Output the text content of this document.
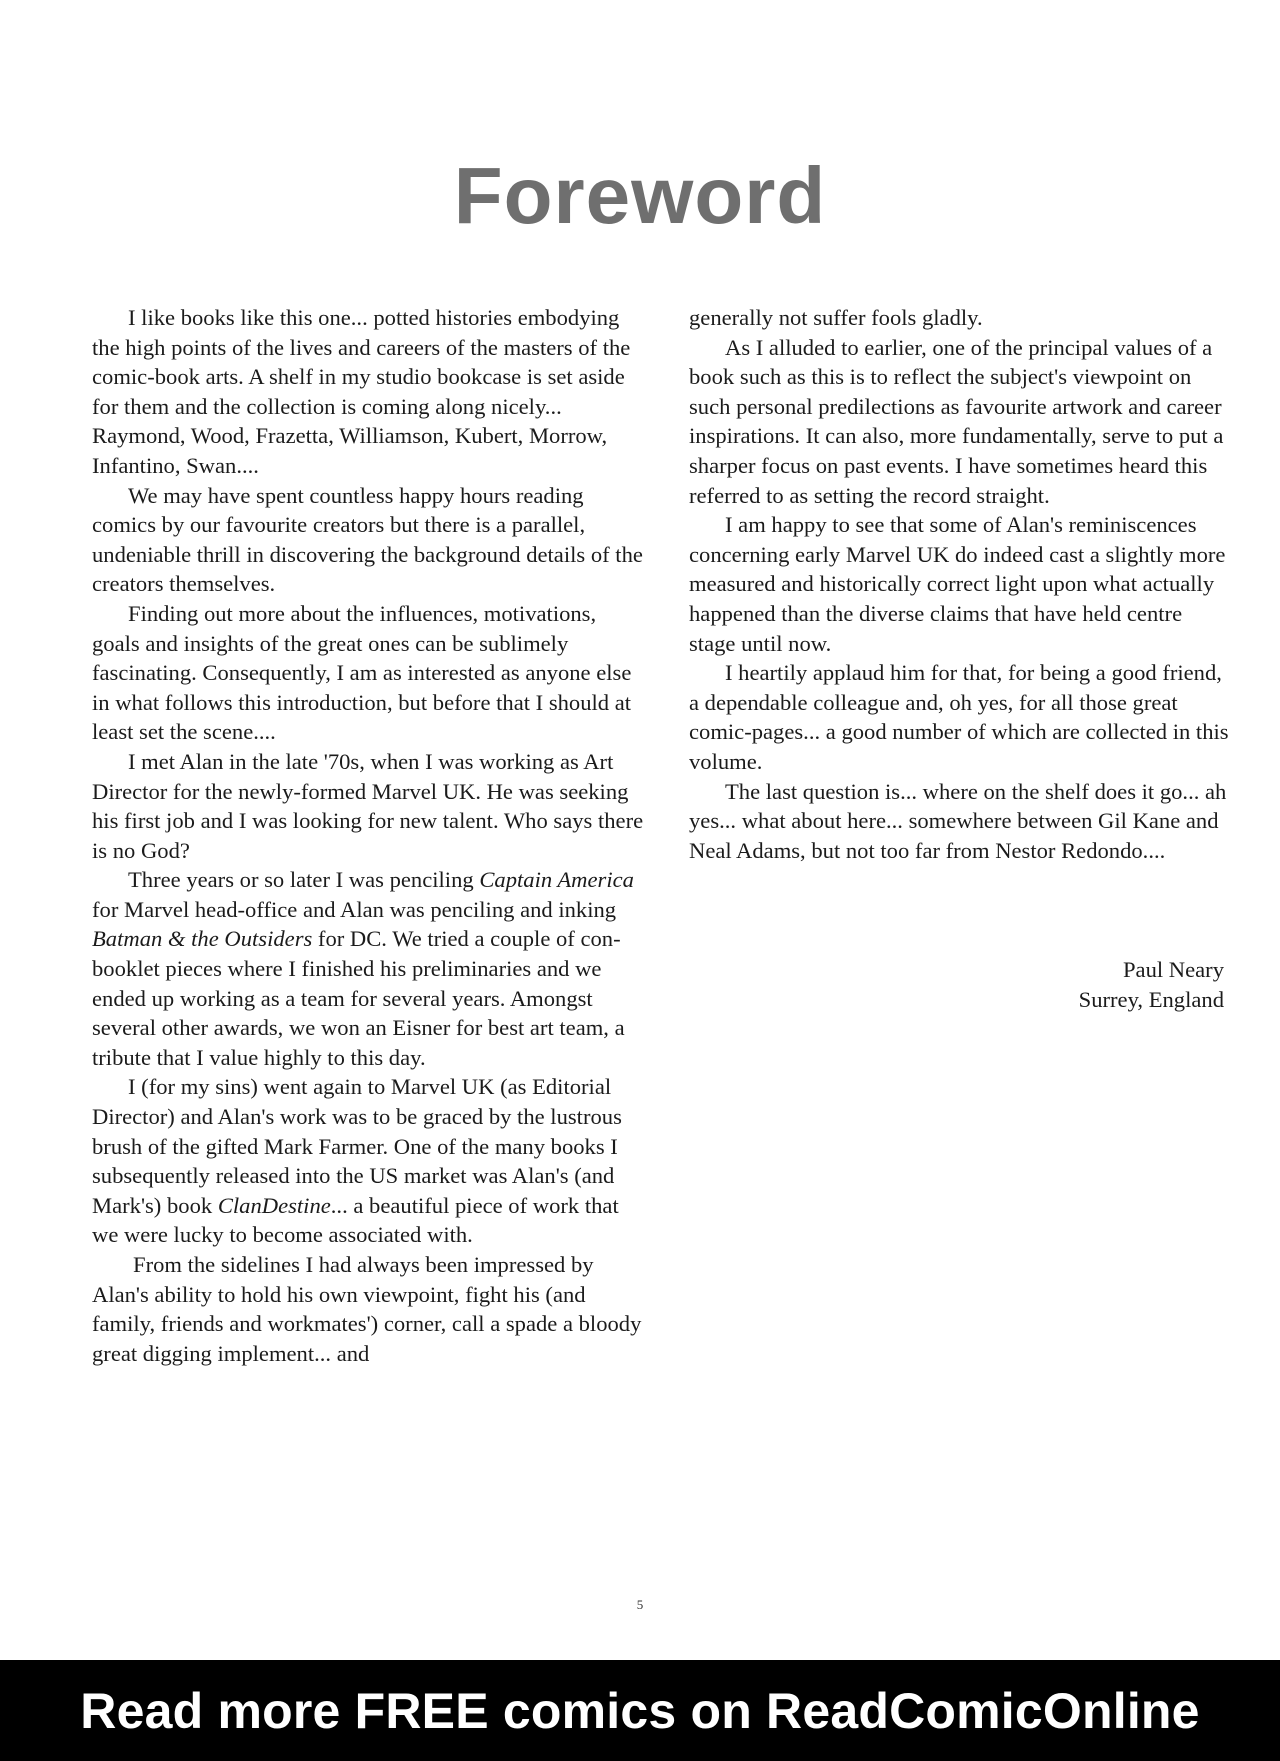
Foreword

I like books like this one... potted histories embodying the high points of the lives and careers of the masters of the comic-book arts. A shelf in my studio bookcase is set aside for them and the collection is coming along nicely... Raymond, Wood, Frazetta, Williamson, Kubert, Morrow, Infantino, Swan....

We may have spent countless happy hours reading comics by our favourite creators but there is a parallel, undeniable thrill in discovering the background details of the creators themselves.

Finding out more about the influences, motivations, goals and insights of the great ones can be sublimely fascinating. Consequently, I am as interested as anyone else in what follows this introduction, but before that I should at least set the scene....

I met Alan in the late '70s, when I was working as Art Director for the newly-formed Marvel UK. He was seeking his first job and I was looking for new talent. Who says there is no God?

Three years or so later I was penciling Captain America for Marvel head-office and Alan was penciling and inking Batman & the Outsiders for DC. We tried a couple of con-booklet pieces where I finished his preliminaries and we ended up working as a team for several years. Amongst several other awards, we won an Eisner for best art team, a tribute that I value highly to this day.

I (for my sins) went again to Marvel UK (as Editorial Director) and Alan's work was to be graced by the lustrous brush of the gifted Mark Farmer. One of the many books I subsequently released into the US market was Alan's (and Mark's) book ClanDestine... a beautiful piece of work that we were lucky to become associated with.

From the sidelines I had always been impressed by Alan's ability to hold his own viewpoint, fight his (and family, friends and workmates') corner, call a spade a bloody great digging implement... and

generally not suffer fools gladly.

As I alluded to earlier, one of the principal values of a book such as this is to reflect the subject's viewpoint on such personal predilections as favourite artwork and career inspirations. It can also, more fundamentally, serve to put a sharper focus on past events. I have sometimes heard this referred to as setting the record straight.

I am happy to see that some of Alan's reminiscences concerning early Marvel UK do indeed cast a slightly more measured and historically correct light upon what actually happened than the diverse claims that have held centre stage until now.

I heartily applaud him for that, for being a good friend, a dependable colleague and, oh yes, for all those great comic-pages... a good number of which are collected in this volume.

The last question is... where on the shelf does it go... ah yes... what about here... somewhere between Gil Kane and Neal Adams, but not too far from Nestor Redondo....

Paul Neary
Surrey, England
5
Read more FREE comics on ReadComicOnline
